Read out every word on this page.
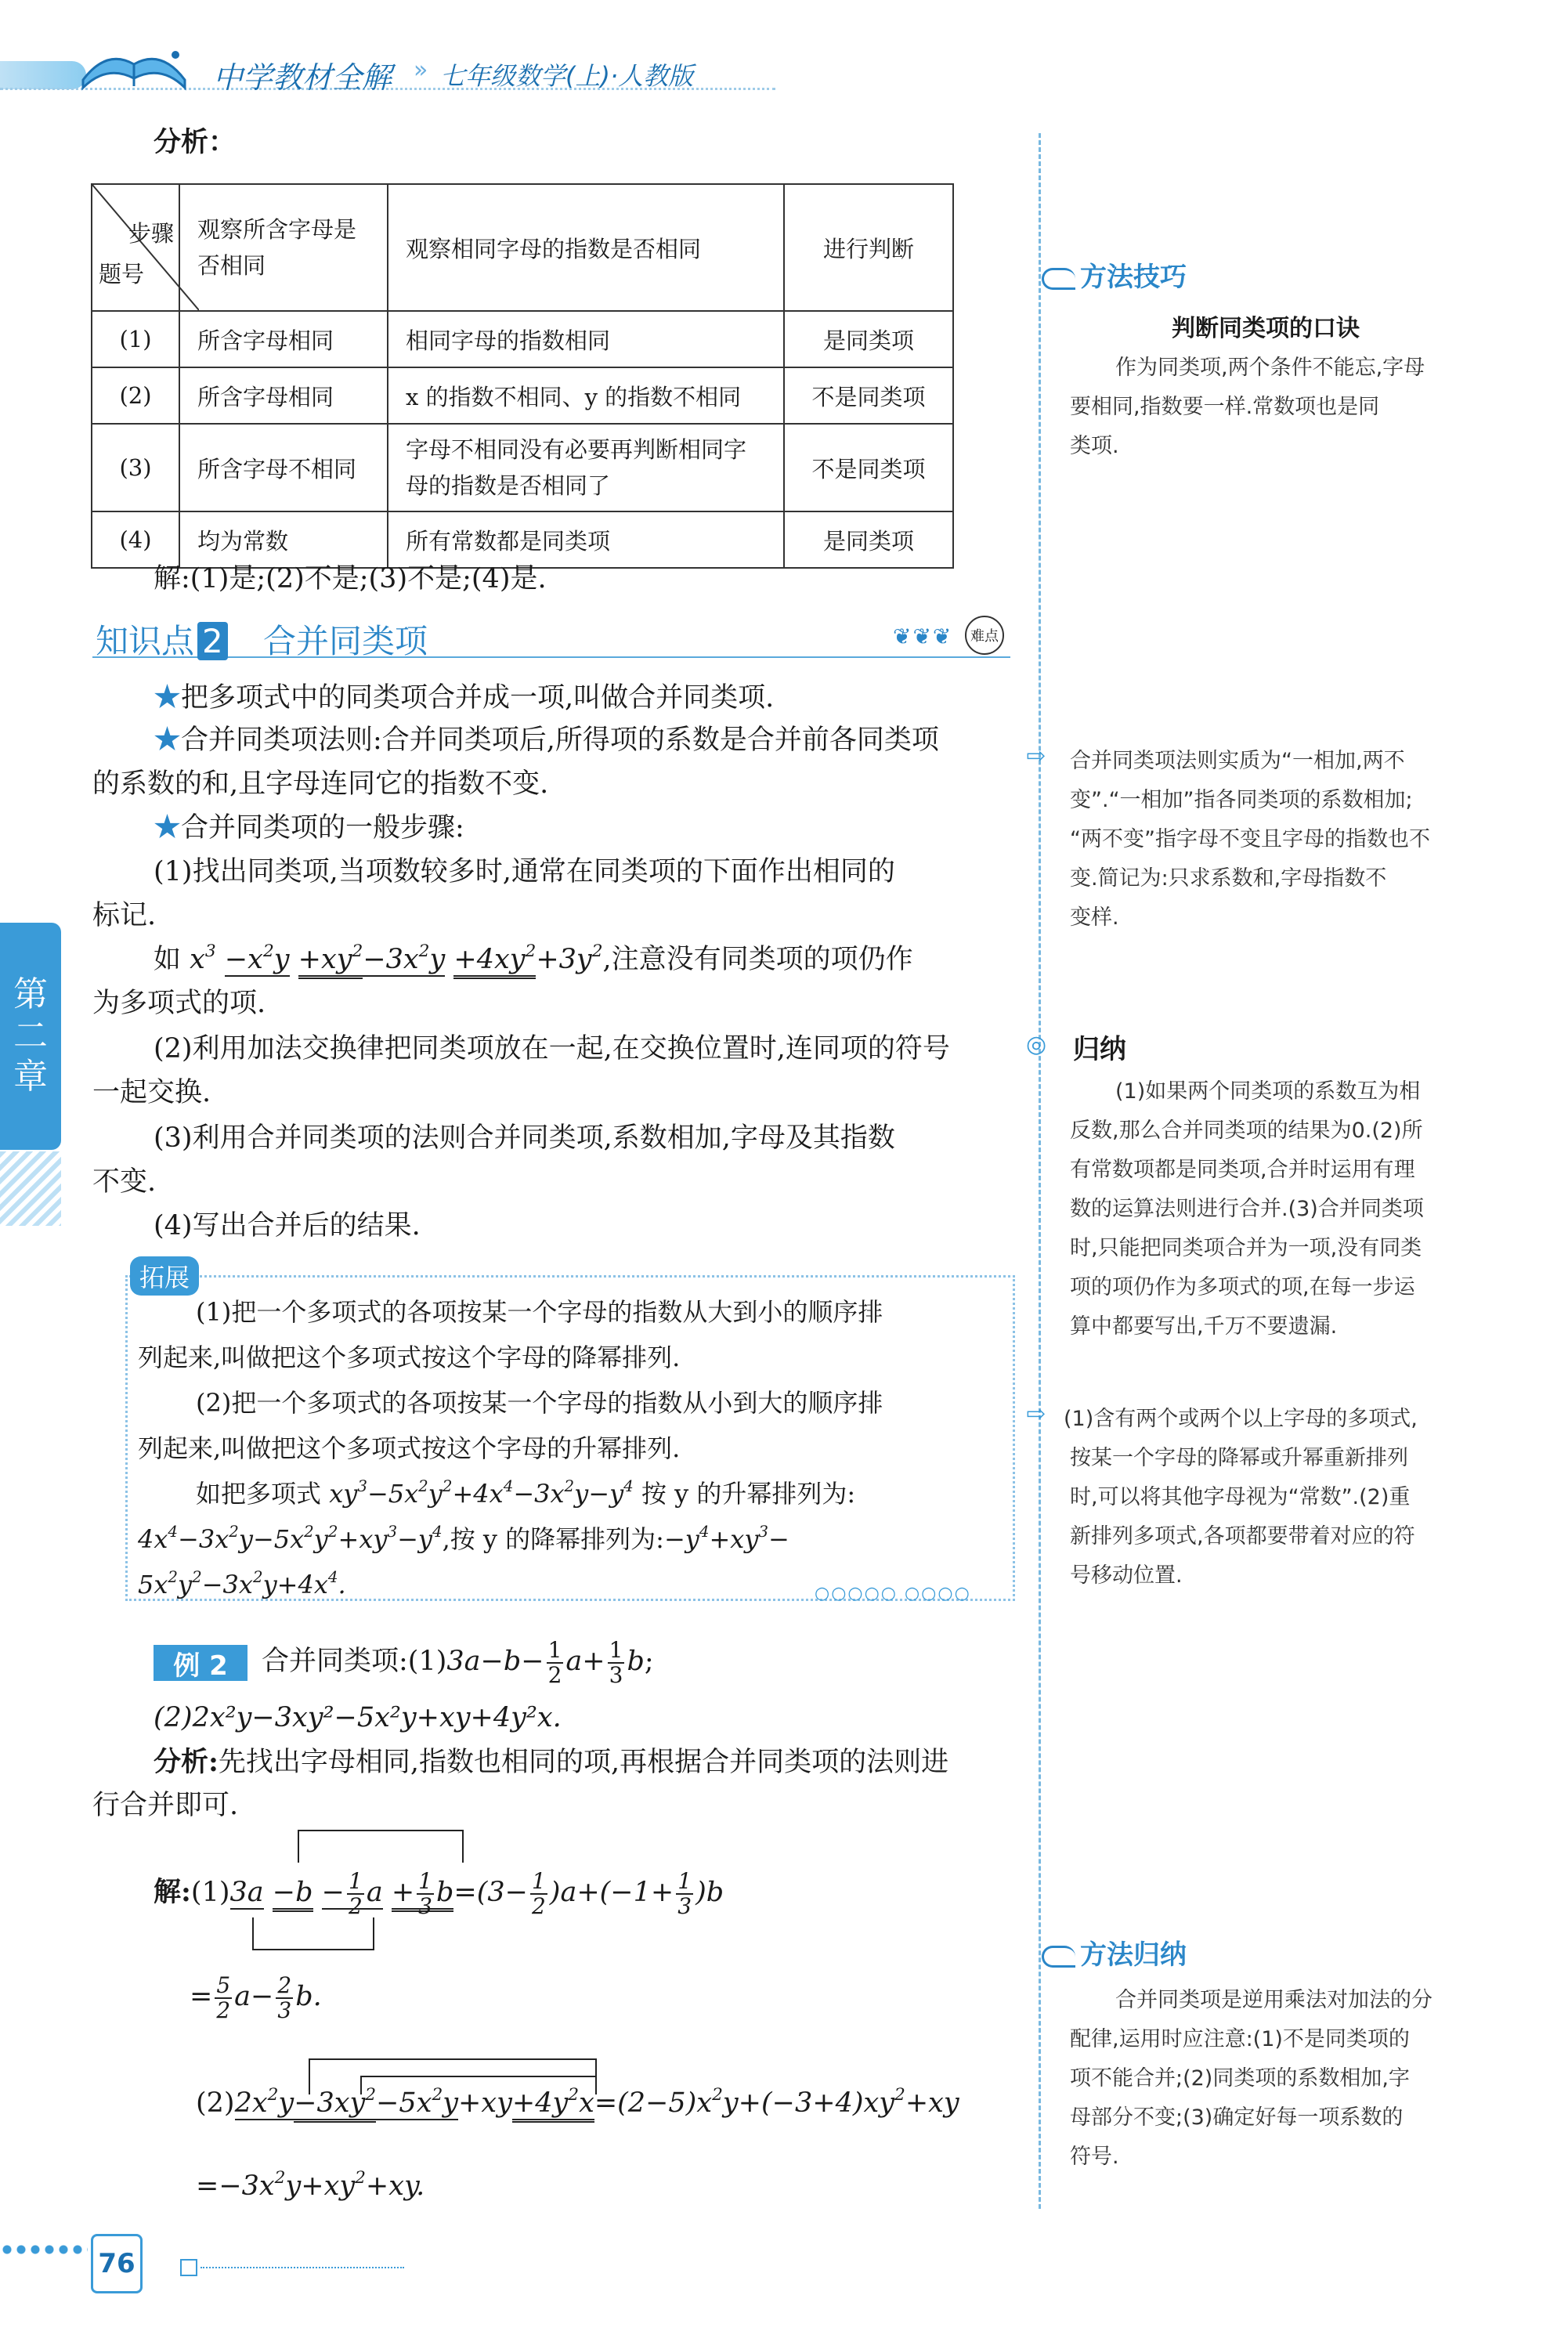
中学教材全解 » 七年级数学(上)·人教版
第
二
章
分析：
步骤
题号	观察所含字母是否相同	观察相同字母的指数是否相同	进行判断
(1)	所含字母相同	相同字母的指数相同	是同类项
(2)	所含字母相同	x 的指数不相同、y 的指数不相同	不是同类项
(3)	所含字母不相同	字母不相同没有必要再判断相同字母的指数是否相同了	不是同类项
(4)	均为常数	所有常数都是同类项	是同类项
解:(1)是;(2)不是;(3)不是;(4)是.
知识点 2 合并同类项	❦❦❦	难点
★把多项式中的同类项合并成一项,叫做合并同类项.
★合并同类项法则:合并同类项后,所得项的系数是合并前各同类项
的系数的和,且字母连同它的指数不变.
★合并同类项的一般步骤:
(1)找出同类项,当项数较多时,通常在同类项的下面作出相同的
标记.
如 $x^3 -x^2y +xy^2-3x^2y +4xy^2+3y^2$,注意没有同类项的项仍作
为多项式的项.
(2)利用加法交换律把同类项放在一起,在交换位置时,连同项的符号
一起交换.
(3)利用合并同类项的法则合并同类项,系数相加,字母及其指数
不变.
(4)写出合并后的结果.
拓展
(1)把一个多项式的各项按某一个字母的指数从大到小的顺序排
列起来,叫做把这个多项式按这个字母的降幂排列.
(2)把一个多项式的各项按某一个字母的指数从小到大的顺序排
列起来,叫做把这个多项式按这个字母的升幂排列.
如把多项式 $xy^3-5x^2y^2+4x^4-3x^2y-y^4$ 按 y 的升幂排列为:
$4x^4-3x^2y-5x^2y^2+xy^3-y^4$,按 y 的降幂排列为$:-y^4+xy^3-$
$5x^2y^2-3x^2y+4x^4$.	○○○○○ ○○○○
例 2	合并同类项:(1)3a−b− $\frac{1}{2} a+ \frac{1}{3} b$;
(2)2x²y−3xy²−5x²y+xy+4y²x.
分析:先找出字母相同,指数也相同的项,再根据合并同类项的法则进
行合并即可.
解:(1)3a $-b - \frac{1}{2}$ $a + \frac{1}{3} b=(3- \frac{1}{2} )a+(-1+ \frac{1}{3} )b$
= $\frac{5}{2} a- \frac{2}{3} b$.
$(2)2x^2y-3xy^2-5x^2y+xy+4y^2x=(2-5)x^2y+(-3+4)xy^2+xy$
$=-3x^2y+xy^2+xy$.
方法技巧
判断同类项的口诀
作为同类项,两个条件不能忘,字母
要相同,指数要一样.常数项也是同
类项.
⇨ 合并同类项法则实质为“一相加,两不
变”.“一相加”指各同类项的系数相加;
“两不变”指字母不变且字母的指数也不
变.简记为:只求系数和,字母指数不
变样.
◎ 归纳
(1)如果两个同类项的系数互为相
反数,那么合并同类项的结果为0.(2)所
有常数项都是同类项,合并时运用有理
数的运算法则进行合并.(3)合并同类项
时,只能把同类项合并为一项,没有同类
项的项仍作为多项式的项,在每一步运
算中都要写出,千万不要遗漏.
⇨ (1)含有两个或两个以上字母的多项式,
按某一个字母的降幂或升幂重新排列
时,可以将其他字母视为“常数”.(2)重
新排列多项式,各项都要带着对应的符
号移动位置.
方法归纳
合并同类项是逆用乘法对加法的分
配律,运用时应注意:(1)不是同类项的
项不能合并;(2)同类项的系数相加,字
母部分不变;(3)确定好每一项系数的
符号.
76
